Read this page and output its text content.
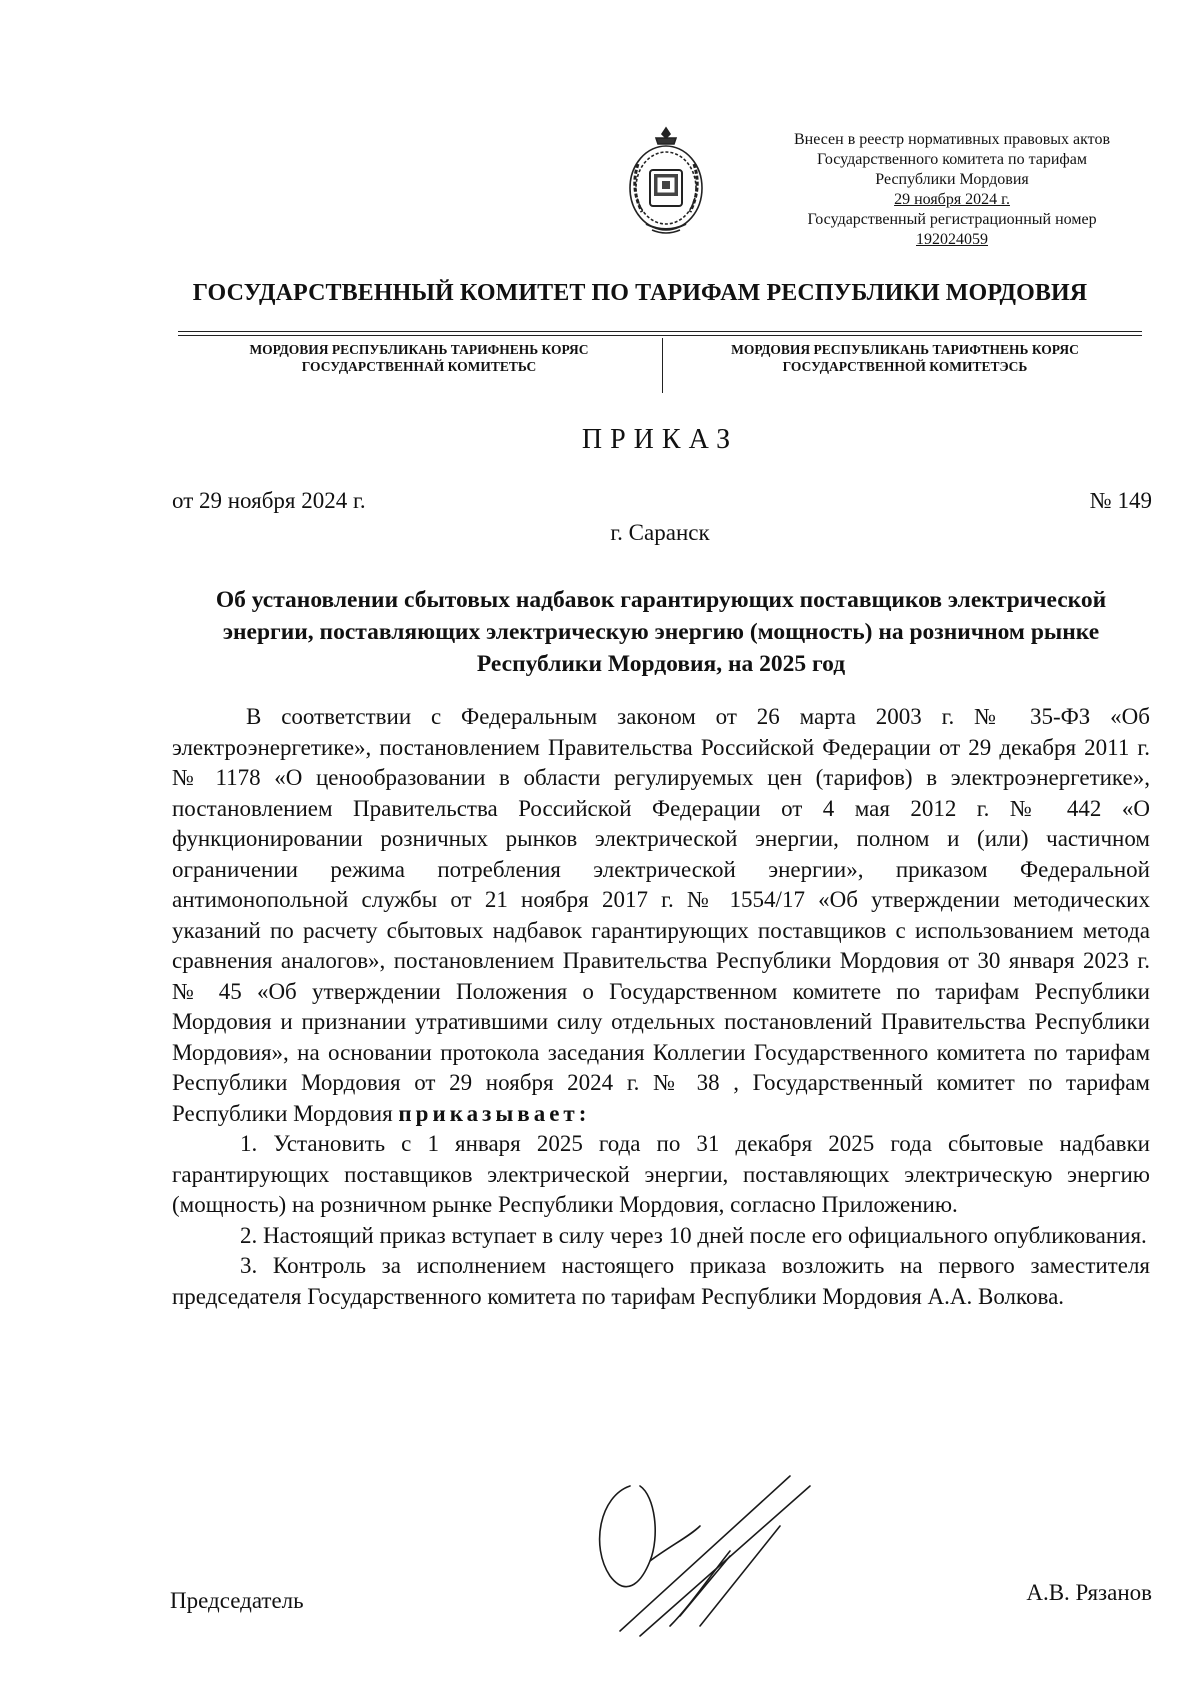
Внесен в реестр нормативных правовых актов
Государственного комитета по тарифам
Республики Мордовия
29 ноября 2024 г.
Государственный регистрационный номер
192024059
ГОСУДАРСТВЕННЫЙ КОМИТЕТ ПО ТАРИФАМ РЕСПУБЛИКИ МОРДОВИЯ
МОРДОВИЯ РЕСПУБЛИКАНЬ ТАРИФНЕНЬ КОРЯС
ГОСУДАРСТВЕННАЙ КОМИТЕТЬС
МОРДОВИЯ РЕСПУБЛИКАНЬ ТАРИФТНЕНЬ КОРЯС
ГОСУДАРСТВЕННОЙ КОМИТЕТЭСЬ
ПРИКАЗ
от 29 ноября 2024 г.	№ 149
г. Саранск
Об установлении сбытовых надбавок гарантирующих поставщиков электрической энергии, поставляющих электрическую энергию (мощность) на розничном рынке Республики Мордовия, на 2025 год

В соответствии с Федеральным законом от 26 марта 2003 г. № 35-ФЗ «Об электроэнергетике», постановлением Правительства Российской Федерации от 29 декабря 2011 г. № 1178 «О ценообразовании в области регулируемых цен (тарифов) в электроэнергетике», постановлением Правительства Российской Федерации от 4 мая 2012 г. № 442 «О функционировании розничных рынков электрической энергии, полном и (или) частичном ограничении режима потребления электрической энергии», приказом Федеральной антимонопольной службы от 21 ноября 2017 г. № 1554/17 «Об утверждении методических указаний по расчету сбытовых надбавок гарантирующих поставщиков с использованием метода сравнения аналогов», постановлением Правительства Республики Мордовия от 30 января 2023 г. № 45 «Об утверждении Положения о Государственном комитете по тарифам Республики Мордовия и признании утратившими силу отдельных постановлений Правительства Республики Мордовия», на основании протокола заседания Коллегии Государственного комитета по тарифам Республики Мордовия от 29 ноября 2024 г. № 38 , Государственный комитет по тарифам Республики Мордовия приказывает:

1. Установить с 1 января 2025 года по 31 декабря 2025 года сбытовые надбавки гарантирующих поставщиков электрической энергии, поставляющих электрическую энергию (мощность) на розничном рынке Республики Мордовия, согласно Приложению.

2. Настоящий приказ вступает в силу через 10 дней после его официального опубликования.

3. Контроль за исполнением настоящего приказа возложить на первого заместителя председателя Государственного комитета по тарифам Республики Мордовия А.А. Волкова.

Председатель	А.В. Рязанов
